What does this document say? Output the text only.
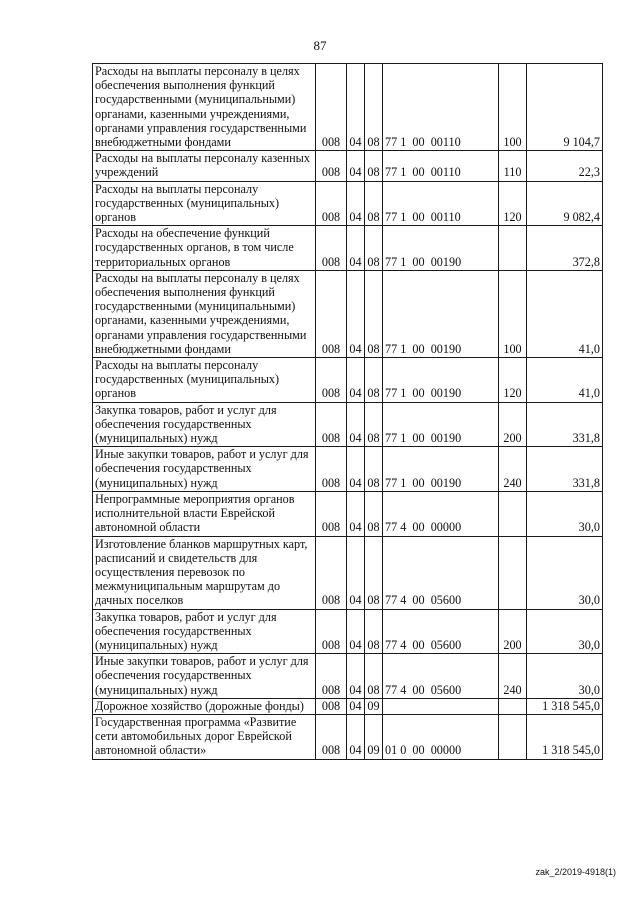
87
Расходы на выплаты персоналу в целях обеспечения выполнения функций государственными (муниципальными) органами, казенными учреждениями, органами управления государственными внебюджетными фондами	008	04	08	77 1  00  00110	100	9 104,7
Расходы на выплаты персоналу казенных учреждений	008	04	08	77 1  00  00110	110	22,3
Расходы на выплаты персоналу государственных (муниципальных) органов	008	04	08	77 1  00  00110	120	9 082,4
Расходы на обеспечение функций государственных органов, в том числе территориальных органов	008	04	08	77 1  00  00190		372,8
Расходы на выплаты персоналу в целях обеспечения выполнения функций государственными (муниципальными) органами, казенными учреждениями, органами управления государственными внебюджетными фондами	008	04	08	77 1  00  00190	100	41,0
Расходы на выплаты персоналу государственных (муниципальных) органов	008	04	08	77 1  00  00190	120	41,0
Закупка товаров, работ и услуг для обеспечения государственных (муниципальных) нужд	008	04	08	77 1  00  00190	200	331,8
Иные закупки товаров, работ и услуг для обеспечения государственных (муниципальных) нужд	008	04	08	77 1  00  00190	240	331,8
Непрограммные мероприятия органов исполнительной власти Еврейской автономной области	008	04	08	77 4  00  00000		30,0
Изготовление бланков маршрутных карт, расписаний и свидетельств для осуществления перевозок по межмуниципальным маршрутам до дачных поселков	008	04	08	77 4  00  05600		30,0
Закупка товаров, работ и услуг для обеспечения государственных (муниципальных) нужд	008	04	08	77 4  00  05600	200	30,0
Иные закупки товаров, работ и услуг для обеспечения государственных (муниципальных) нужд	008	04	08	77 4  00  05600	240	30,0
Дорожное хозяйство (дорожные фонды)	008	04	09			1 318 545,0
Государственная программа «Развитие сети автомобильных дорог Еврейской автономной области»	008	04	09	01 0  00  00000		1 318 545,0
zak_2/2019-4918(1)
